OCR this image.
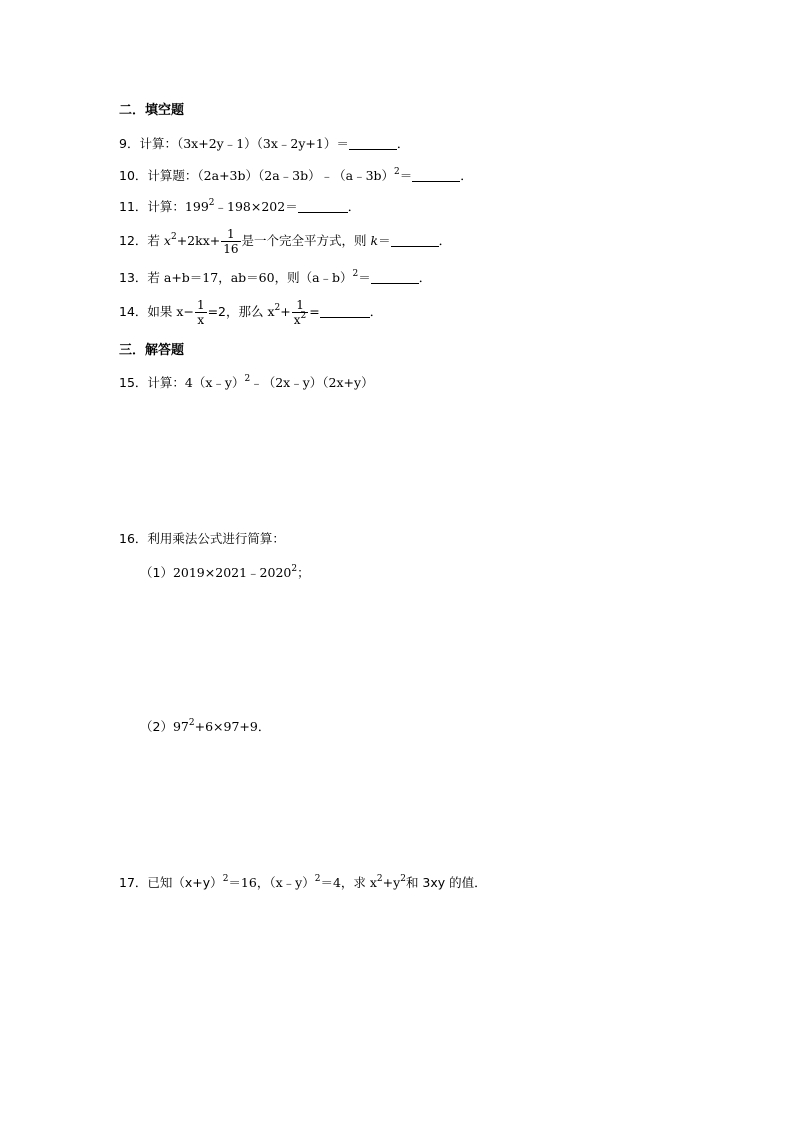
二．填空题
9．计算：（3x+2y﹣1）（3x﹣2y+1）＝	．
10．计算题：（2a+3b）（2a﹣3b）﹣（a﹣3b）$^2$＝	．
11．计算：$199^2﹣198\times 202=$	．
12．若 $x^2+2kx+ \frac{1}{16}$ 是一个完全平方式，则 k＝	．
13．若 a+b＝17，ab＝60，则（a﹣b）$^2$＝	．
14．如果 $x- \frac{1}{x} =2$，那么 $x^2+ \frac{1}{x^2}$ =	．
三．解答题
15．计算：4（x﹣y）$^2$﹣（2x﹣y）（2x+y）
16．利用乘法公式进行简算：
$(1)2019\times 2021﹣2020^2$；
$(2)97^2+6\times 97+9$．
17．已知$(x+y)^2=16$，（x﹣y）$^2$＝4，求 $x^2+y^2$和 3xy 的值．
